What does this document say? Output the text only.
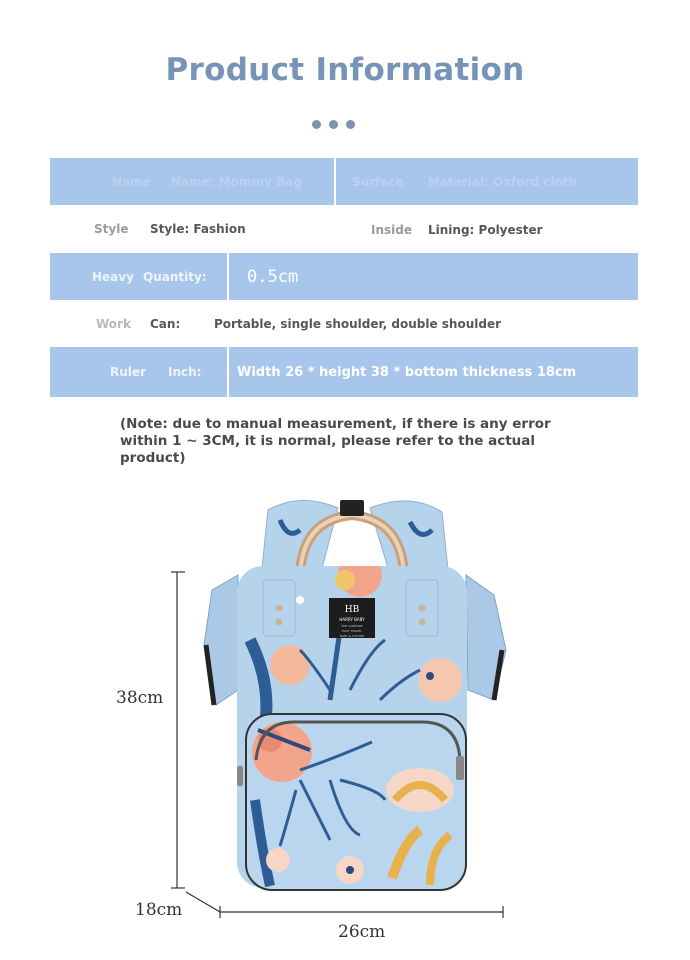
Product Information
Name Name: Mommy Bag	Surface Material: Oxford cloth
Style Style: Fashion	Inside Lining: Polyester
Heavy Quantity: 0.5cm
Work Can:	Portable, single shoulder, double shoulder
Ruler Inch:	Width 26 * height 38 * bottom thickness 18cm
(Note: due to manual measurement, if there is any error within 1 ~ 3CM, it is normal, please refer to the actual product)
HB
HARRY BABY
TOP COMFORT
EASY TRAVEL
BABY & FUTURE
38cm
18cm
26cm
